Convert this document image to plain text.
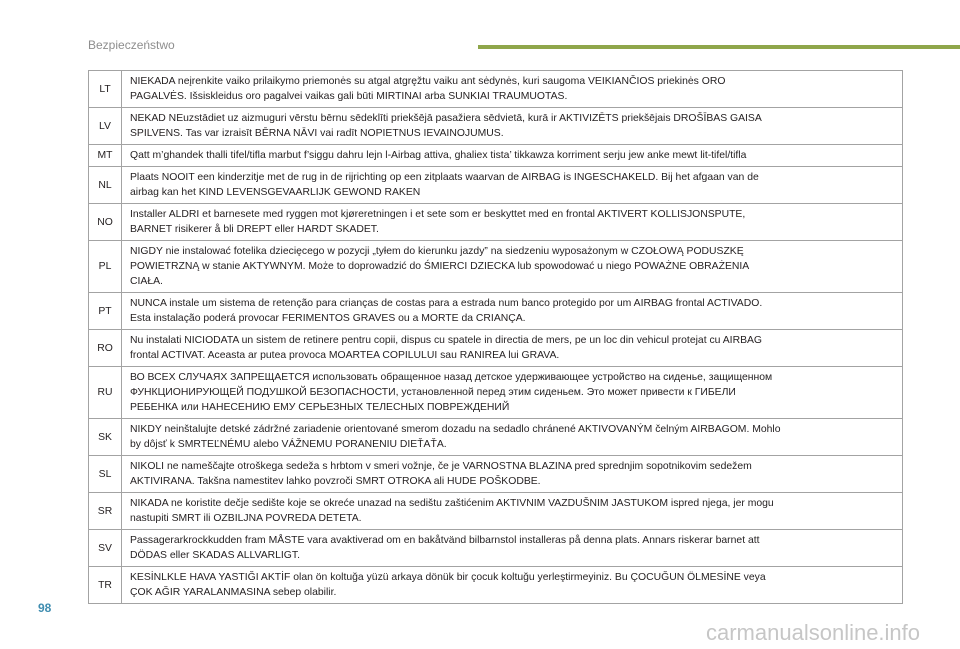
Bezpieczeństwo
LT	NIEKADA neįrenkite vaiko prilaikymo priemonės su atgal atgręžtu vaiku ant sėdynės, kuri saugoma VEIKIANČIOS priekinės ORO
PAGALVĖS. Išsiskleidus oro pagalvei vaikas gali būti MIRTINAI arba SUNKIAI TRAUMUOTAS.

LV	NEKAD NEuzstādiet uz aizmuguri vērstu bērnu sēdeklīti priekšējā pasažiera sēdvietā, kurā ir AKTIVIZĒTS priekšējais DROŠĪBAS GAISA
SPILVENS. Tas var izraisīt BĒRNA NĀVI vai radīt NOPIETNUS IEVAINOJUMUS.

MT	Qatt m’ghandek thalli tifel/tifla marbut f’siggu dahru lejn l-Airbag attiva, ghaliex tista’ tikkawza korriment serju jew anke mewt lit-tifel/tifla

NL	Plaats NOOIT een kinderzitje met de rug in de rijrichting op een zitplaats waarvan de AIRBAG is INGESCHAKELD. Bij het afgaan van de
airbag kan het KIND LEVENSGEVAARLIJK GEWOND RAKEN

NO	Installer ALDRI et barnesete med ryggen mot kjøreretningen i et sete som er beskyttet med en frontal AKTIVERT KOLLISJONSPUTE,
BARNET risikerer å bli DREPT eller HARDT SKADET.

PL	NIGDY nie instalować fotelika dziecięcego w pozycji „tyłem do kierunku jazdy” na siedzeniu wyposażonym w CZOŁOWĄ PODUSZKĘ
POWIETRZNĄ w stanie AKTYWNYM. Może to doprowadzić do ŚMIERCI DZIECKA lub spowodować u niego POWAŻNE OBRAŻENIA
CIAŁA.

PT	NUNCA instale um sistema de retenção para crianças de costas para a estrada num banco protegido por um AIRBAG frontal ACTIVADO.
Esta instalação poderá provocar FERIMENTOS GRAVES ou a MORTE da CRIANÇA.

RO	Nu instalati NICIODATA un sistem de retinere pentru copii, dispus cu spatele in directia de mers, pe un loc din vehicul protejat cu AIRBAG
frontal ACTIVAT. Aceasta ar putea provoca MOARTEA COPILULUI sau RANIREA lui GRAVA.

RU	ВО ВСЕХ СЛУЧАЯХ ЗАПРЕЩАЕТСЯ использовать обращенное назад детское удерживающее устройство на сиденье, защищенном
ФУНКЦИОНИРУЮЩЕЙ ПОДУШКОЙ БЕЗОПАСНОСТИ, установленной перед этим сиденьем. Это может привести к ГИБЕЛИ
РЕБЕНКА или НАНЕСЕНИЮ ЕМУ СЕРЬЕЗНЫХ ТЕЛЕСНЫХ ПОВРЕЖДЕНИЙ

SK	NIKDY neinštalujte detské zádržné zariadenie orientované smerom dozadu na sedadlo chránené AKTIVOVANÝM čelným AIRBAGOM. Mohlo
by dôjsť k SMRTEĽNÉMU alebo VÁŽNEMU PORANENIU DIEŤAŤA.

SL	NIKOLI ne nameščajte otroškega sedeža s hrbtom v smeri vožnje, če je VARNOSTNA BLAZINA pred sprednjim sopotnikovim sedežem
AKTIVIRANA. Takšna namestitev lahko povzroči SMRT OTROKA ali HUDE POŠKODBE.

SR	NIKADA ne koristite dečje sedište koje se okreće unazad na sedištu zaštićenim AKTIVNIM VAZDUŠNIM JASTUKOM ispred njega, jer mogu
nastupiti SMRT ili OZBILJNA POVREDA DETETA.

SV	Passagerarkrockkudden fram MÅSTE vara avaktiverad om en bakåtvänd bilbarnstol installeras på denna plats. Annars riskerar barnet att
DÖDAS eller SKADAS ALLVARLIGT.

TR	KESİNLKLE HAVA YASTIĞI AKTİF olan ön koltuğa yüzü arkaya dönük bir çocuk koltuğu yerleştirmeyiniz. Bu ÇOCUĞUN ÖLMESİNE veya
ÇOK AĞIR YARALANMASINA sebep olabilir.
98
carmanualsonline.info
